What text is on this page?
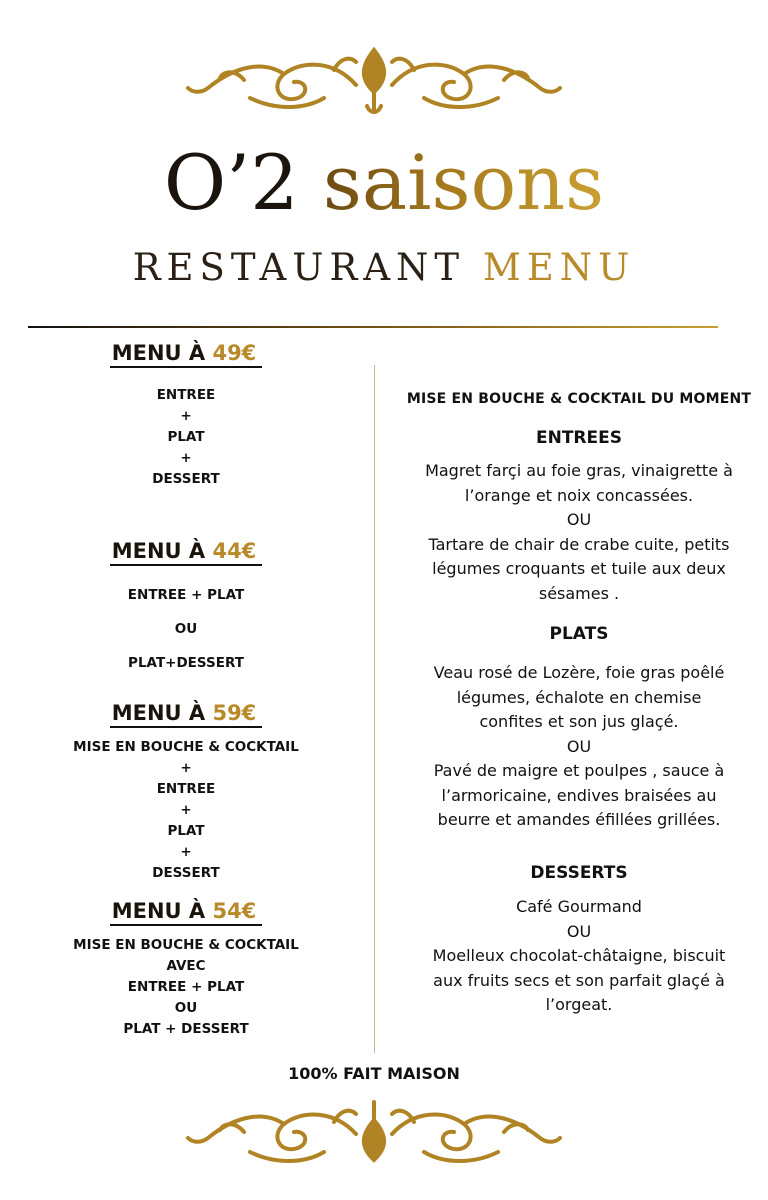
O’2 saisons
RESTAURANT MENU
MENU À 49€
ENTREE
+
PLAT
+
DESSERT
MENU À 44€
ENTREE + PLAT
OU
PLAT+DESSERT
MENU À 59€
MISE EN BOUCHE & COCKTAIL
+
ENTREE
+
PLAT
+
DESSERT
MENU À 54€
MISE EN BOUCHE & COCKTAIL
AVEC
ENTREE + PLAT
OU
PLAT + DESSERT
MISE EN BOUCHE & COCKTAIL DU MOMENT
ENTREES
Magret farçi au foie gras, vinaigrette à
l’orange et noix concassées.
OU
Tartare de chair de crabe cuite, petits
légumes croquants et tuile aux deux
sésames .
PLATS
Veau rosé de Lozère, foie gras poêlé
légumes, échalote en chemise
confites et son jus glaçé.
OU
Pavé de maigre et poulpes , sauce à
l’armoricaine, endives braisées au
beurre et amandes éfillées grillées.
DESSERTS
Café Gourmand
OU
Moelleux chocolat-châtaigne, biscuit
aux fruits secs et son parfait glaçé à
l’orgeat.
100% FAIT MAISON
